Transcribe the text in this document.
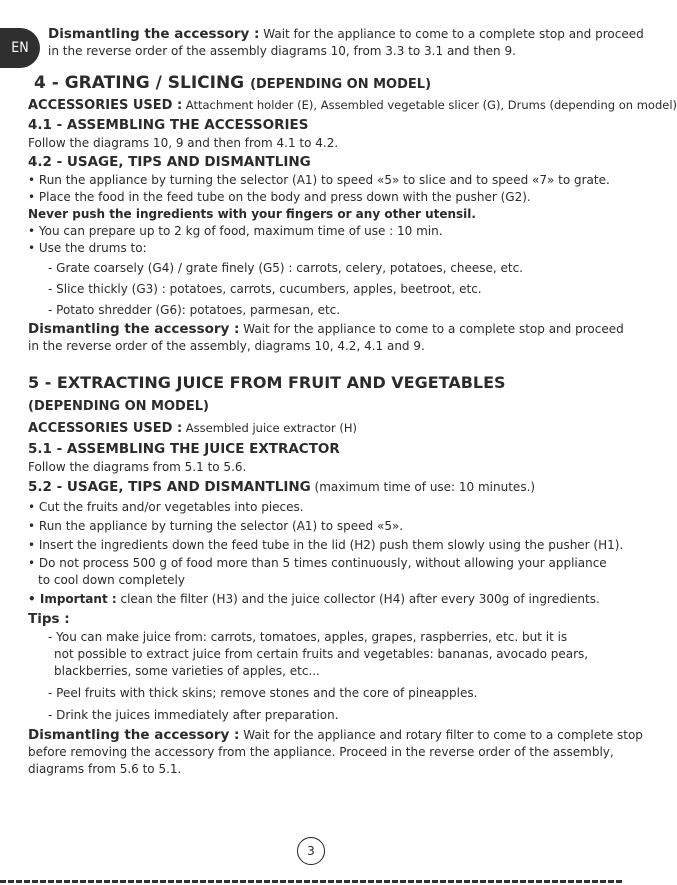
EN
Dismantling the accessory : Wait for the appliance to come to a complete stop and proceed
in the reverse order of the assembly diagrams 10, from 3.3 to 3.1 and then 9.
4 - GRATING / SLICING (DEPENDING ON MODEL)
ACCESSORIES USED : Attachment holder (E), Assembled vegetable slicer (G), Drums (depending on model)
4.1 - ASSEMBLING THE ACCESSORIES
Follow the diagrams 10, 9 and then from 4.1 to 4.2.
4.2 - USAGE, TIPS AND DISMANTLING
• Run the appliance by turning the selector (A1) to speed «5» to slice and to speed «7» to grate.
• Place the food in the feed tube on the body and press down with the pusher (G2).
Never push the ingredients with your fingers or any other utensil.
• You can prepare up to 2 kg of food, maximum time of use : 10 min.
• Use the drums to:
- Grate coarsely (G4) / grate finely (G5) : carrots, celery, potatoes, cheese, etc.
- Slice thickly (G3) : potatoes, carrots, cucumbers, apples, beetroot, etc.
- Potato shredder (G6): potatoes, parmesan, etc.
Dismantling the accessory : Wait for the appliance to come to a complete stop and proceed
in the reverse order of the assembly, diagrams 10, 4.2, 4.1 and 9.
5 - EXTRACTING JUICE FROM FRUIT AND VEGETABLES (DEPENDING ON MODEL)
ACCESSORIES USED : Assembled juice extractor (H)
5.1 - ASSEMBLING THE JUICE EXTRACTOR
Follow the diagrams from 5.1 to 5.6.
5.2 - USAGE, TIPS AND DISMANTLING (maximum time of use: 10 minutes.)
• Cut the fruits and/or vegetables into pieces.
• Run the appliance by turning the selector (A1) to speed «5».
• Insert the ingredients down the feed tube in the lid (H2) push them slowly using the pusher (H1).
• Do not process 500 g of food more than 5 times continuously, without allowing your appliance
to cool down completely
• Important : clean the filter (H3) and the juice collector (H4) after every 300g of ingredients.
Tips :
- You can make juice from: carrots, tomatoes, apples, grapes, raspberries, etc. but it is
not possible to extract juice from certain fruits and vegetables: bananas, avocado pears,
blackberries, some varieties of apples, etc...
- Peel fruits with thick skins; remove stones and the core of pineapples.
- Drink the juices immediately after preparation.
Dismantling the accessory : Wait for the appliance and rotary filter to come to a complete stop
before removing the accessory from the appliance. Proceed in the reverse order of the assembly,
diagrams from 5.6 to 5.1.
3
